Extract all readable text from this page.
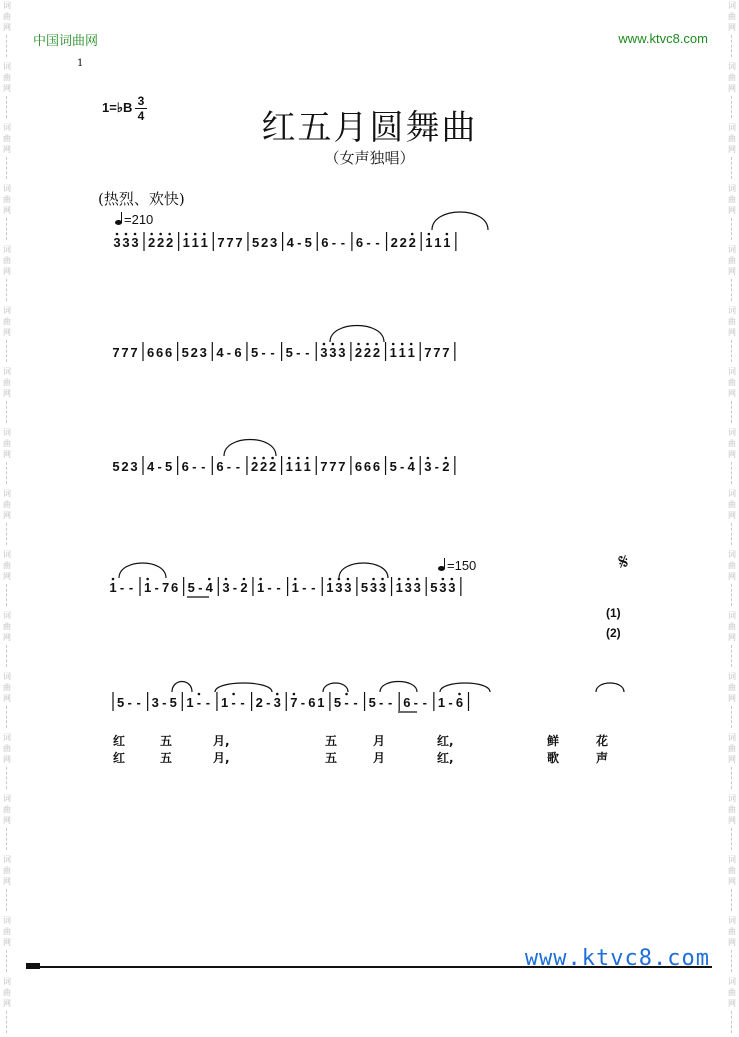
词
曲
网
词
曲
网
词
曲
网
词
曲
网
词
曲
网
词
曲
网
词
曲
网
词
曲
网
词
曲
网
词
曲
网
词
曲
网
词
曲
网
词
曲
网
词
曲
网
词
曲
网
词
曲
网
词
曲
网
词
曲
网
词
曲
网
词
曲
网
词
曲
网
词
曲
网
词
曲
网
词
曲
网
词
曲
网
词
曲
网
词
曲
网
词
曲
网
词
曲
网
词
曲
网
词
曲
网
词
曲
网
词
曲
网
词
曲
网
中国词曲网	www.ktvc8.com
1
1=♭B 3
4	红五月圆舞曲
（女声独唱）
(热烈、欢快)
=210
=150	𝄋
(1)
(2)
3 3 3 2 2 2 1 1 1 7 7 7 5 2 3 4 - 5 6 - - 6 - - 2 2 2 1 1 1
7 7 7 6 6 6 5 2 3 4 - 6 5 - - 5 - - 3 3 3 2 2 2 1 1 1 7 7 7
5 2 3 4 - 5 6 - - 6 - - 2 2 2 1 1 1 7 7 7 6 6 6 5 - 4 3 - 2
1 - - 1 - 7 6 5 - 4 3 - 2 1 - - 1 - - 1 3 3 5 3 3 1 3 3 5 3 3
5 - - 3 - 5 1 - - 1 - - 2 - 3 7 - 6 1 5 - - 5 - - 6 - - 1 - 6
红	五	月,	五	月	红,	鲜	花
红	五	月,	五	月	红,	歌	声
www.ktvc8.com
